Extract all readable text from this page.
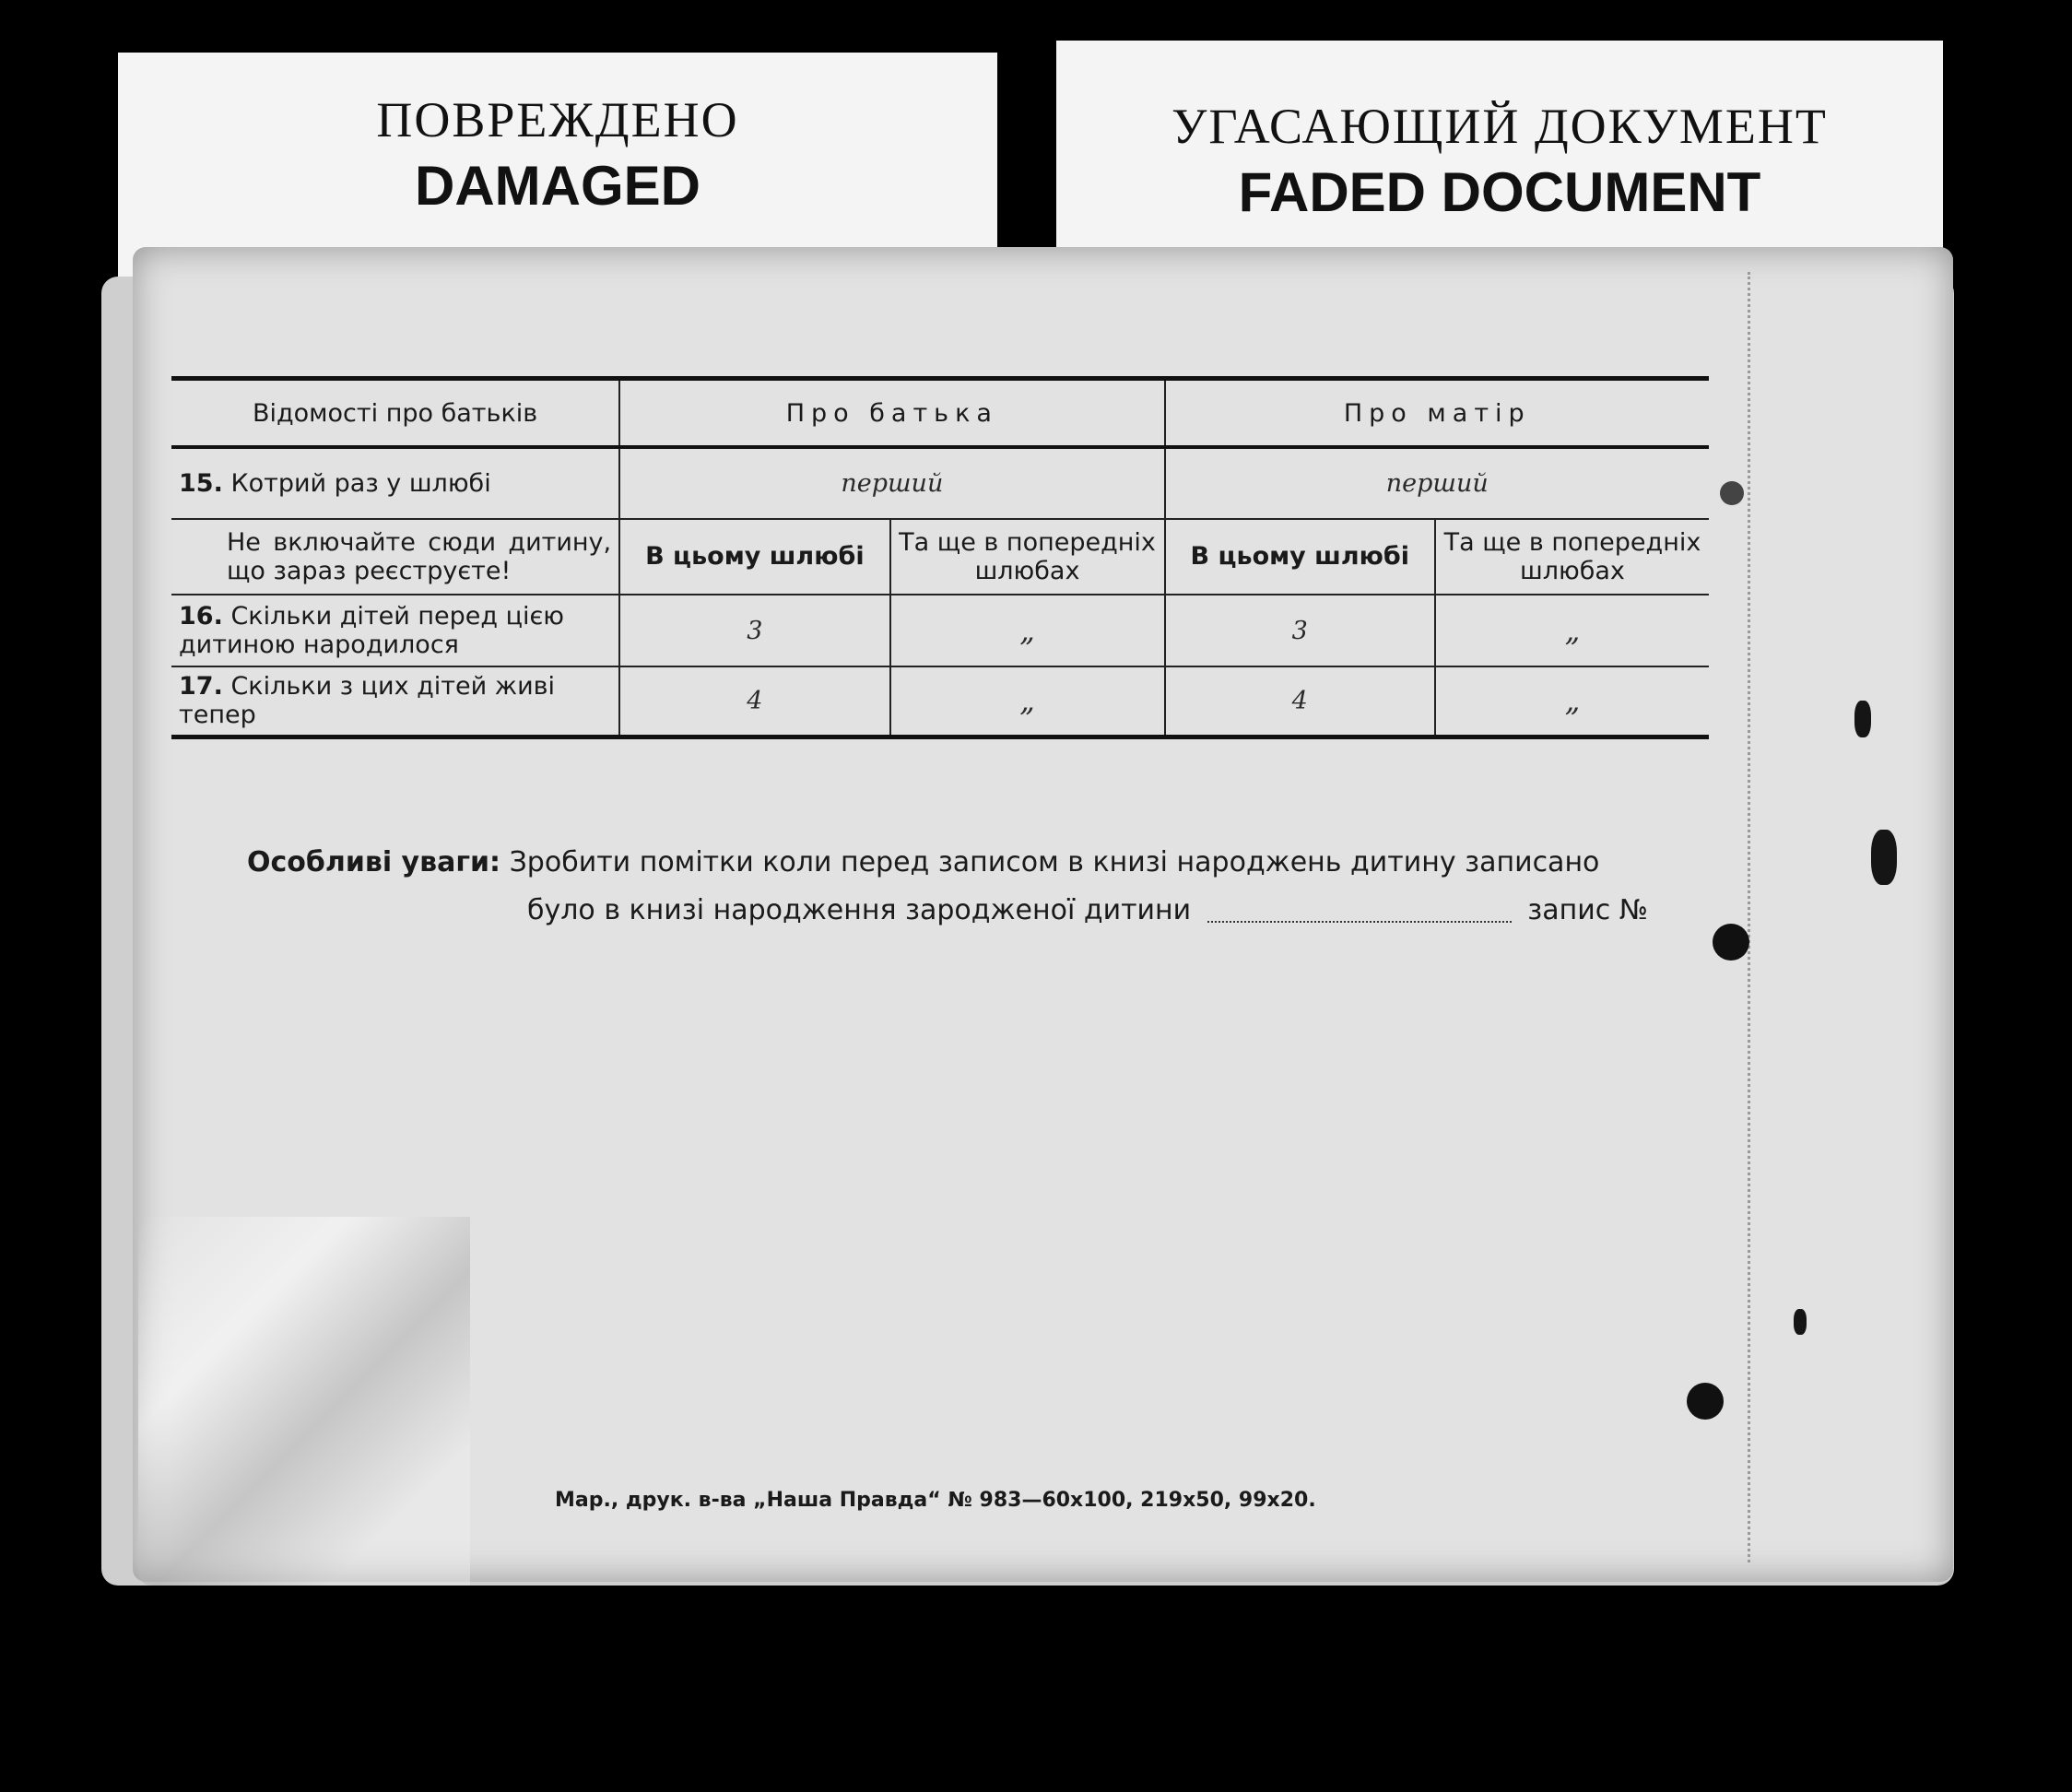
ПОВРЕЖДЕНО
DAMAGED
УГАСАЮЩИЙ ДОКУМЕНТ
FADED DOCUMENT
Відомості про батьків	Про батька		Про матір	
15. Котрий раз у шлюбі	перший		перший	
Не включайте сюди дитину, що зараз реєструєте!	В цьому шлюбі	Та ще в попередніх шлюбах	В цьому шлюбі	Та ще в попередніх шлюбах
16. Скільки дітей перед цією дитиною народилося	3	„	3	„
17. Скільки з цих дітей живі тепер	4	„	4	„
Особливі уваги: Зробити помітки коли перед записом в книзі народжень дитину записано
було в книзі народження зародженої дитини	запис №
Мар., друк. в-ва „Наша Правда“ № 983—60x100, 219x50, 99x20.
